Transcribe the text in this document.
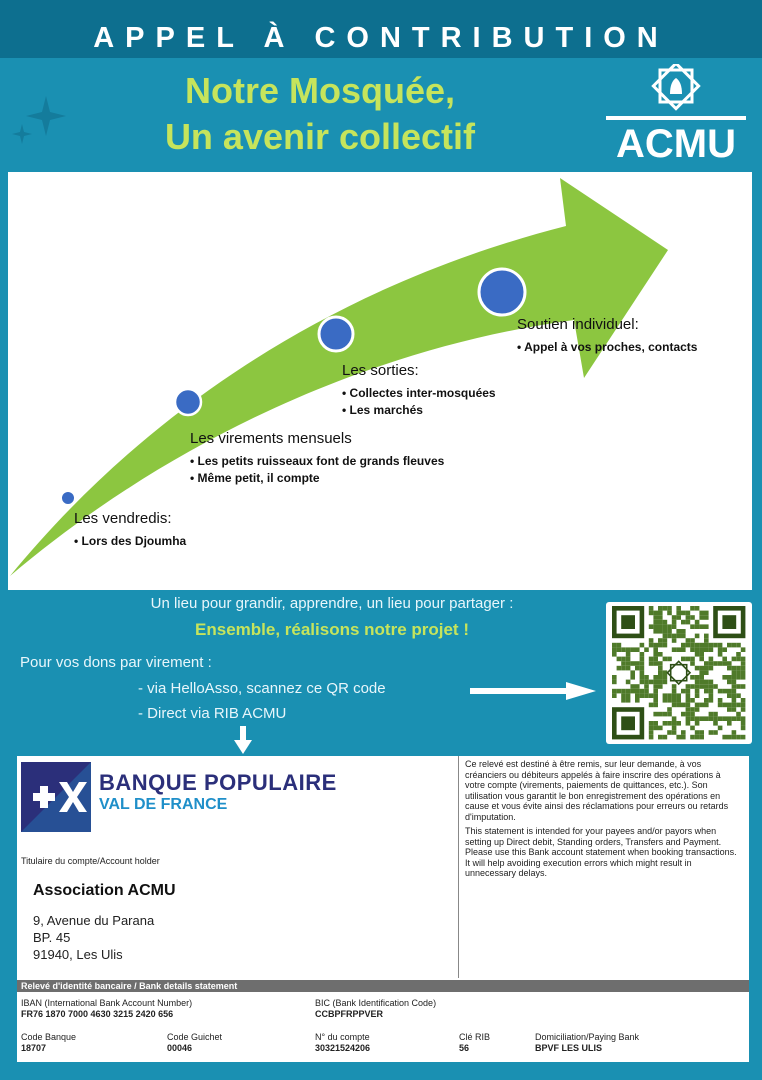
APPEL À CONTRIBUTION
Notre Mosquée,
Un avenir collectif	ACMU
Les vendredis:
• Lors des Djoumha
Les virements mensuels
• Les petits ruisseaux font de grands fleuves
• Même petit, il compte
Les sorties:
• Collectes inter-mosquées
• Les marchés
Soutien individuel:
• Appel à vos proches, contacts
Un lieu pour grandir, apprendre, un lieu pour partager :
Ensemble, réalisons notre projet !
Pour vos dons par virement :
- via HelloAsso, scannez ce QR code
- Direct via RIB ACMU
BANQUE POPULAIRE
VAL DE FRANCE
Titulaire du compte/Account holder
Association ACMU
9, Avenue du Parana
BP. 45
91940, Les Ulis
Ce relevé est destiné à être remis, sur leur demande, à vos créanciers ou débiteurs appelés à faire inscrire des opérations à votre compte (virements, paiements de quittances, etc.). Son utilisation vous garantit le bon enregistrement des opérations en cause et vous évite ainsi des réclamations pour erreurs ou retards d'imputation.
This statement is intended for your payees and/or payors when setting up Direct debit, Standing orders, Transfers and Payment. Please use this Bank account statement when booking transactions. It will help avoiding execution errors which might result in unnecessary delays.
Relevé d'identité bancaire / Bank details statement
IBAN (International Bank Account Number)
FR76 1870 7000 4630 3215 2420 656
BIC (Bank Identification Code)
CCBPFRPPVER
Code Banque
18707
Code Guichet
00046
N° du compte
30321524206
Clé RIB
56
Domiciliation/Paying Bank
BPVF LES ULIS
